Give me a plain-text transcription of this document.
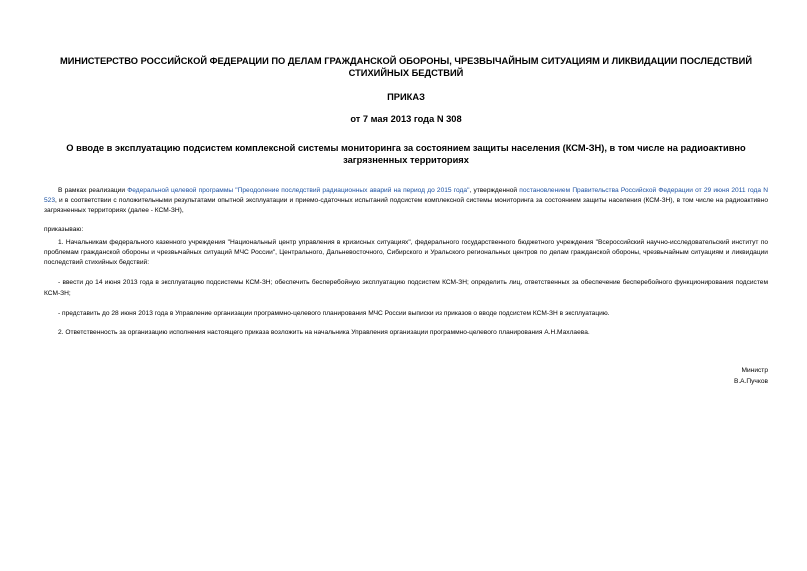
МИНИСТЕРСТВО РОССИЙСКОЙ ФЕДЕРАЦИИ ПО ДЕЛАМ ГРАЖДАНСКОЙ ОБОРОНЫ, ЧРЕЗВЫЧАЙНЫМ СИТУАЦИЯМ И ЛИКВИДАЦИИ ПОСЛЕДСТВИЙ СТИХИЙНЫХ БЕДСТВИЙ

ПРИКАЗ

от 7 мая 2013 года N 308

О вводе в эксплуатацию подсистем комплексной системы мониторинга за состоянием защиты населения (КСМ-ЗН), в том числе на радиоактивно загрязненных территориях

В рамках реализации Федеральной целевой программы "Преодоление последствий радиационных аварий на период до 2015 года", утвержденной постановлением Правительства Российской Федерации от 29 июня 2011 года N 523, и в соответствии с положительными результатами опытной эксплуатации и приемо-сдаточных испытаний подсистем комплексной системы мониторинга за состоянием защиты населения (КСМ-ЗН), в том числе на радиоактивно загрязненных территориях (далее - КСМ-ЗН),

приказываю:

1. Начальникам федерального казенного учреждения "Национальный центр управления в кризисных ситуациях", федерального государственного бюджетного учреждения "Всероссийский научно-исследовательский институт по проблемам гражданской обороны и чрезвычайных ситуаций МЧС России", Центрального, Дальневосточного, Сибирского и Уральского региональных центров по делам гражданской обороны, чрезвычайным ситуациям и ликвидации последствий стихийных бедствий:

- ввести до 14 июня 2013 года в эксплуатацию подсистемы КСМ-ЗН; обеспечить бесперебойную эксплуатацию подсистем КСМ-ЗН; определить лиц, ответственных за обеспечение бесперебойного функционирования подсистем КСМ-ЗН;

- представить до 28 июня 2013 года в Управление организации программно-целевого планирования МЧС России выписки из приказов о вводе подсистем КСМ-ЗН в эксплуатацию.

2. Ответственность за организацию исполнения настоящего приказа возложить на начальника Управления организации программно-целевого планирования А.Н.Махлаева.

Министр

В.А.Пучков
